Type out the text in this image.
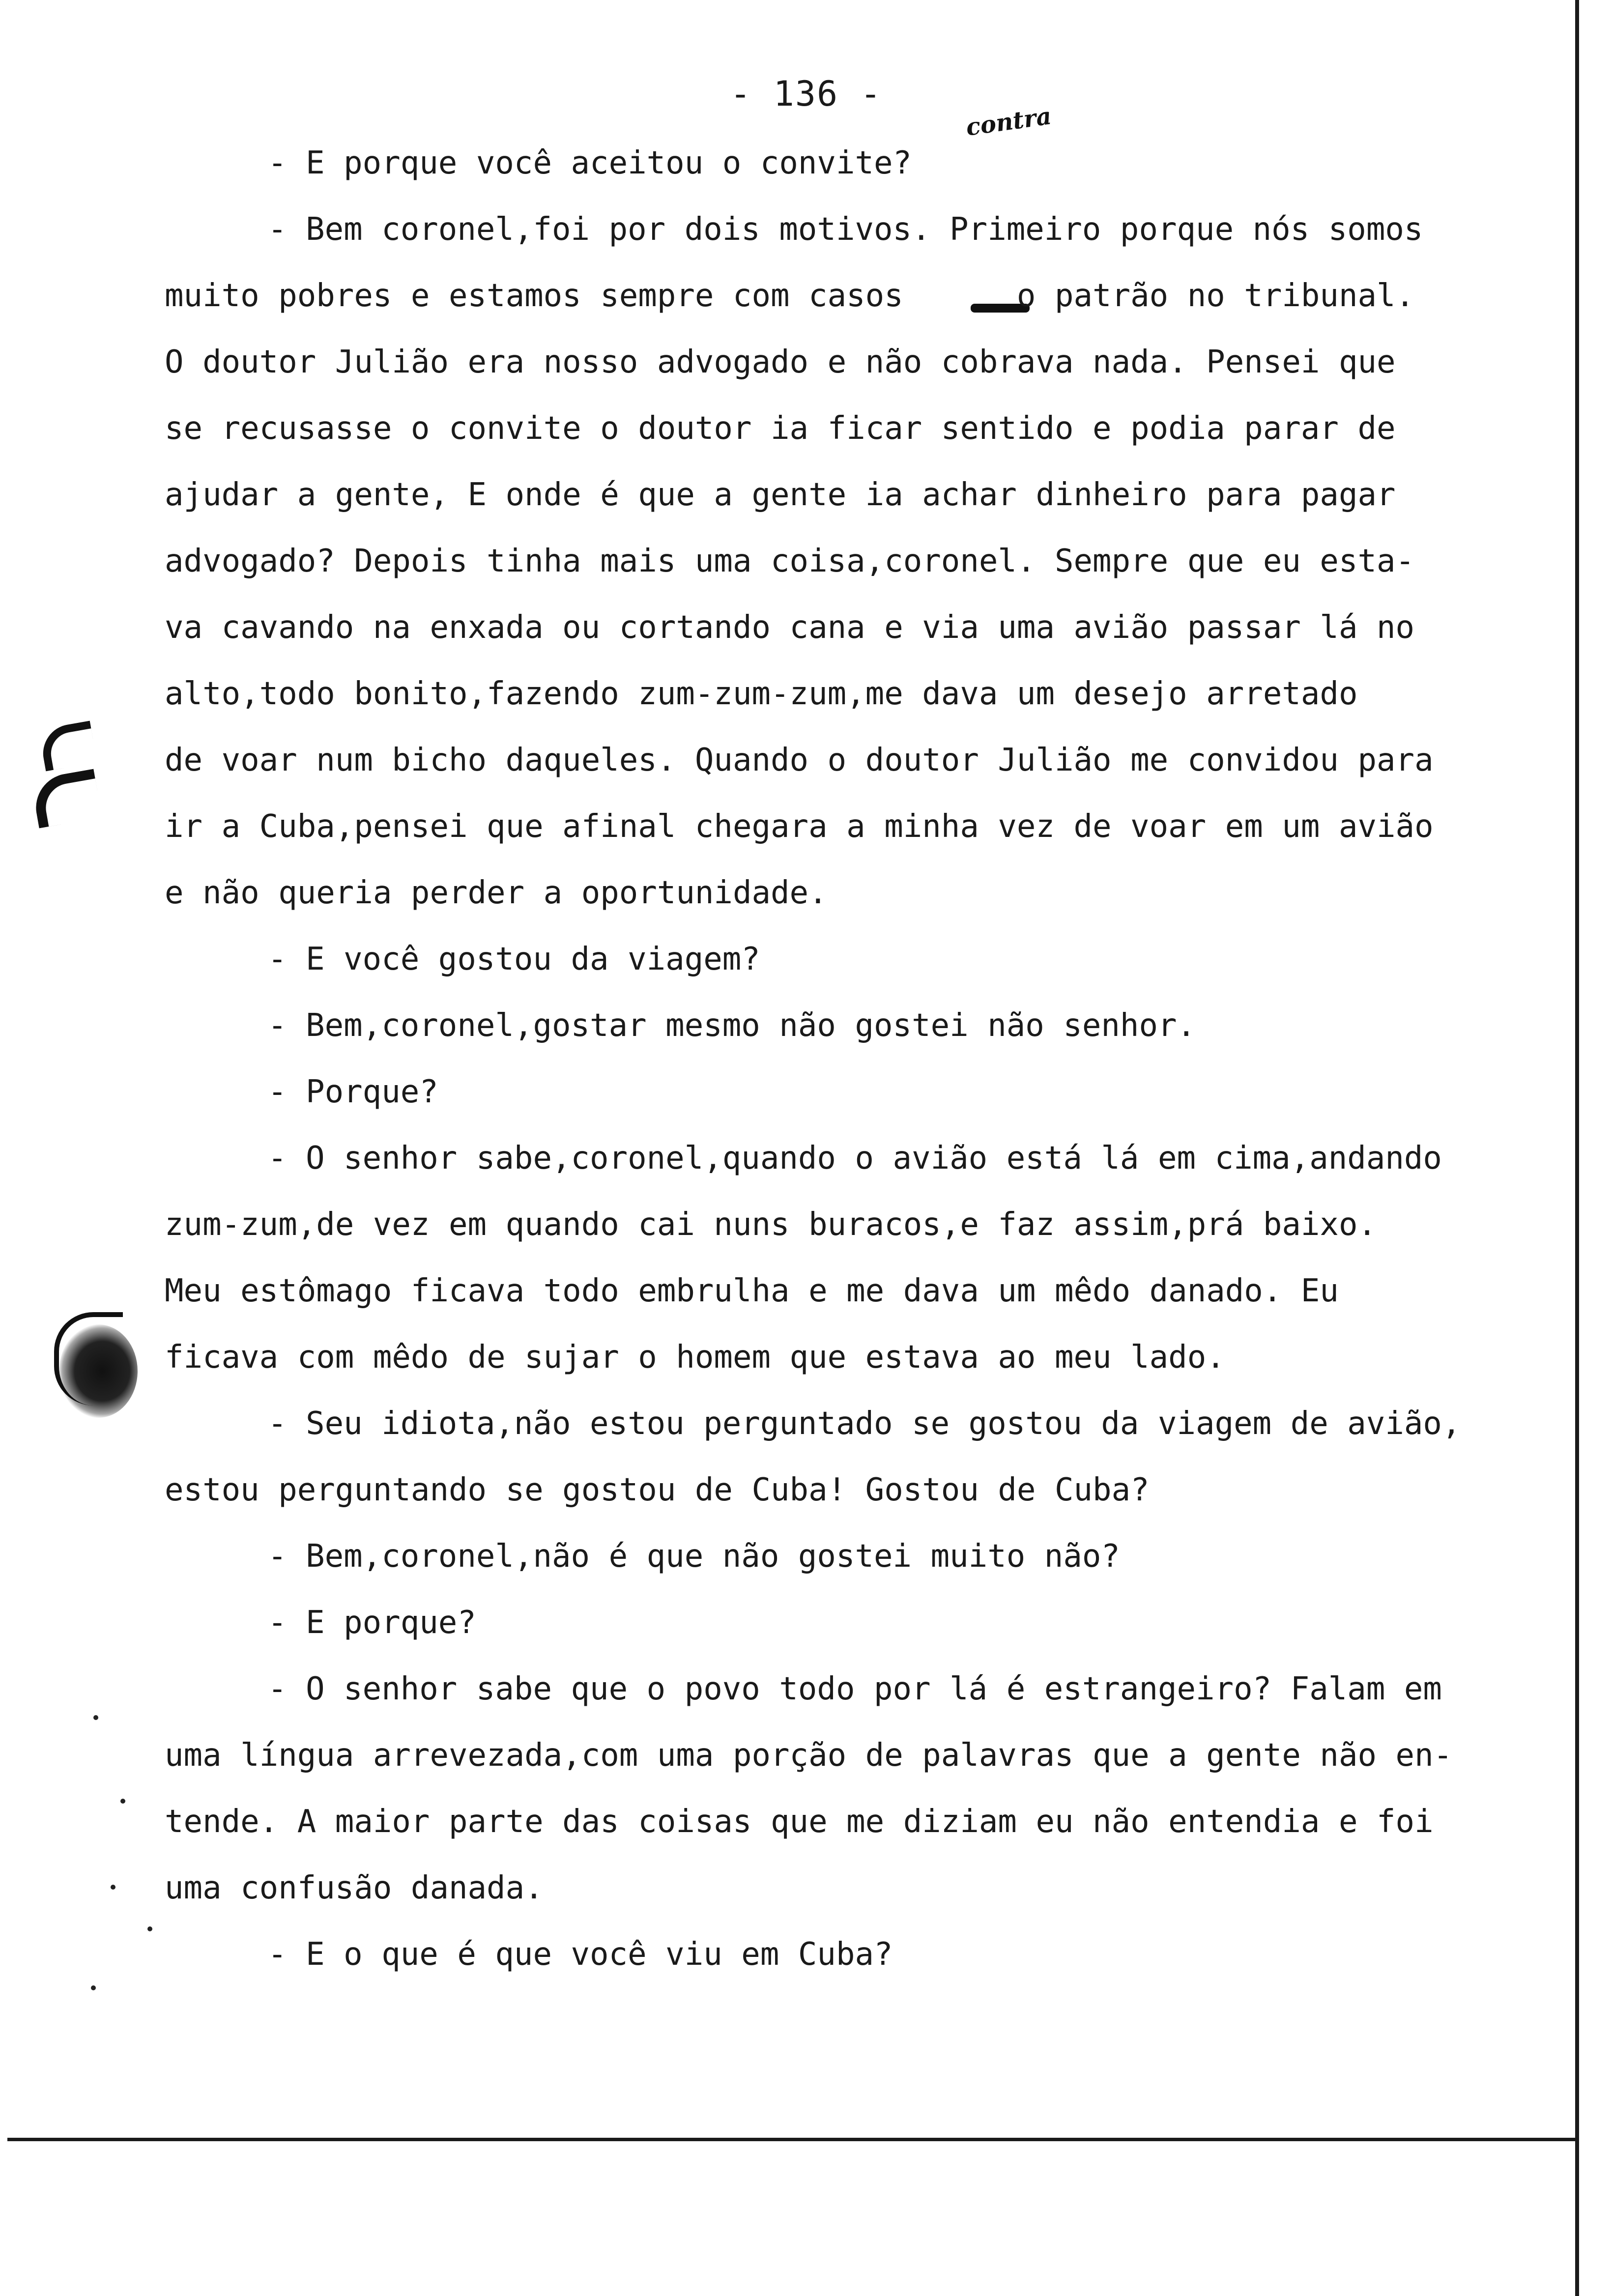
- 136 -
contra
- E porque você aceitou o convite?
- Bem coronel,foi por dois motivos. Primeiro porque nós somos
muito pobres e estamos sempre com casos      o patrão no tribunal.
O doutor Julião era nosso advogado e não cobrava nada. Pensei que
se recusasse o convite o doutor ia ficar sentido e podia parar de
ajudar a gente, E onde é que a gente ia achar dinheiro para pagar
advogado? Depois tinha mais uma coisa,coronel. Sempre que eu esta-
va cavando na enxada ou cortando cana e via uma avião passar lá no
alto,todo bonito,fazendo zum-zum-zum,me dava um desejo arretado
de voar num bicho daqueles. Quando o doutor Julião me convidou para
ir a Cuba,pensei que afinal chegara a minha vez de voar em um avião
e não queria perder a oportunidade.
- E você gostou da viagem?
- Bem,coronel,gostar mesmo não gostei não senhor.
- Porque?
- O senhor sabe,coronel,quando o avião está lá em cima,andando
zum-zum,de vez em quando cai nuns buracos,e faz assim,prá baixo.
Meu estômago ficava todo embrulha e me dava um mêdo danado. Eu
ficava com mêdo de sujar o homem que estava ao meu lado.
- Seu idiota,não estou perguntado se gostou da viagem de avião,
estou perguntando se gostou de Cuba! Gostou de Cuba?
- Bem,coronel,não é que não gostei muito não?
- E porque?
- O senhor sabe que o povo todo por lá é estrangeiro? Falam em
uma língua arrevezada,com uma porção de palavras que a gente não en-
tende. A maior parte das coisas que me diziam eu não entendia e foi
uma confusão danada.
- E o que é que você viu em Cuba?
